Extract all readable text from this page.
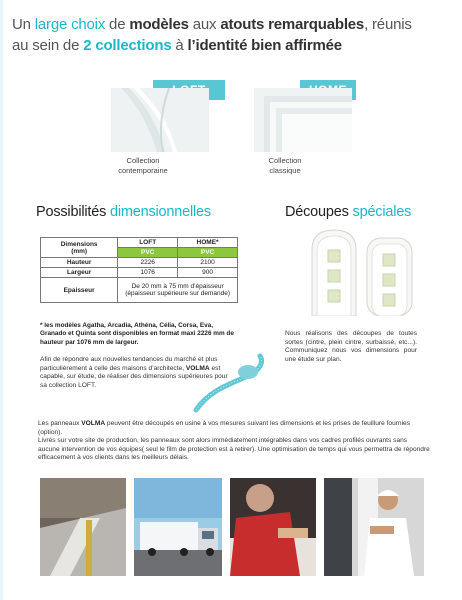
Un large choix de modèles aux atouts remarquables, réunis
au sein de 2 collections à l’identité bien affirmée
Collection
contemporaine
Collection
classique
Possibilités dimensionnelles	Découpes spéciales
Dimensions
(mm)	LOFT	HOME*
	PVC	PVC
Hauteur	2226	2100
Largeur	1076	900
Epaisseur	De 20 mm à 75 mm d’épaisseur
(épaisseur supérieure sur demande)	
* les modèles Agatha, Arcadia, Athéna, Célia, Corsa, Eva, Granado et Quinta sont disponibles en format maxi 2226 mm de hauteur par 1076 mm de largeur.
Afin de répondre aux nouvelles tendances du marché et plus particulièrement à celle des maisons d’architecte, VOLMA est capable, sur étude, de réaliser des dimensions supérieures pour sa collection LOFT.
Nous réalisons des découpes de toutes sortes (cintre, plein cintre, surbaissé, etc...). Communiquez nous vos dimensions pour une étude sur plan.
Les panneaux VOLMA peuvent être découpés en usine à vos mesures suivant les dimensions et les prises de feuillure fournies (option).
Livrés sur votre site de production, les panneaux sont alors immédiatement intégrables dans vos cadres profilés ouvrants sans aucune intervention de vos équipes( seul le film de protection est à retirer). Une optimisation de temps qui vous permettra de répondre efficacement à vos clients dans les meilleurs délais.
